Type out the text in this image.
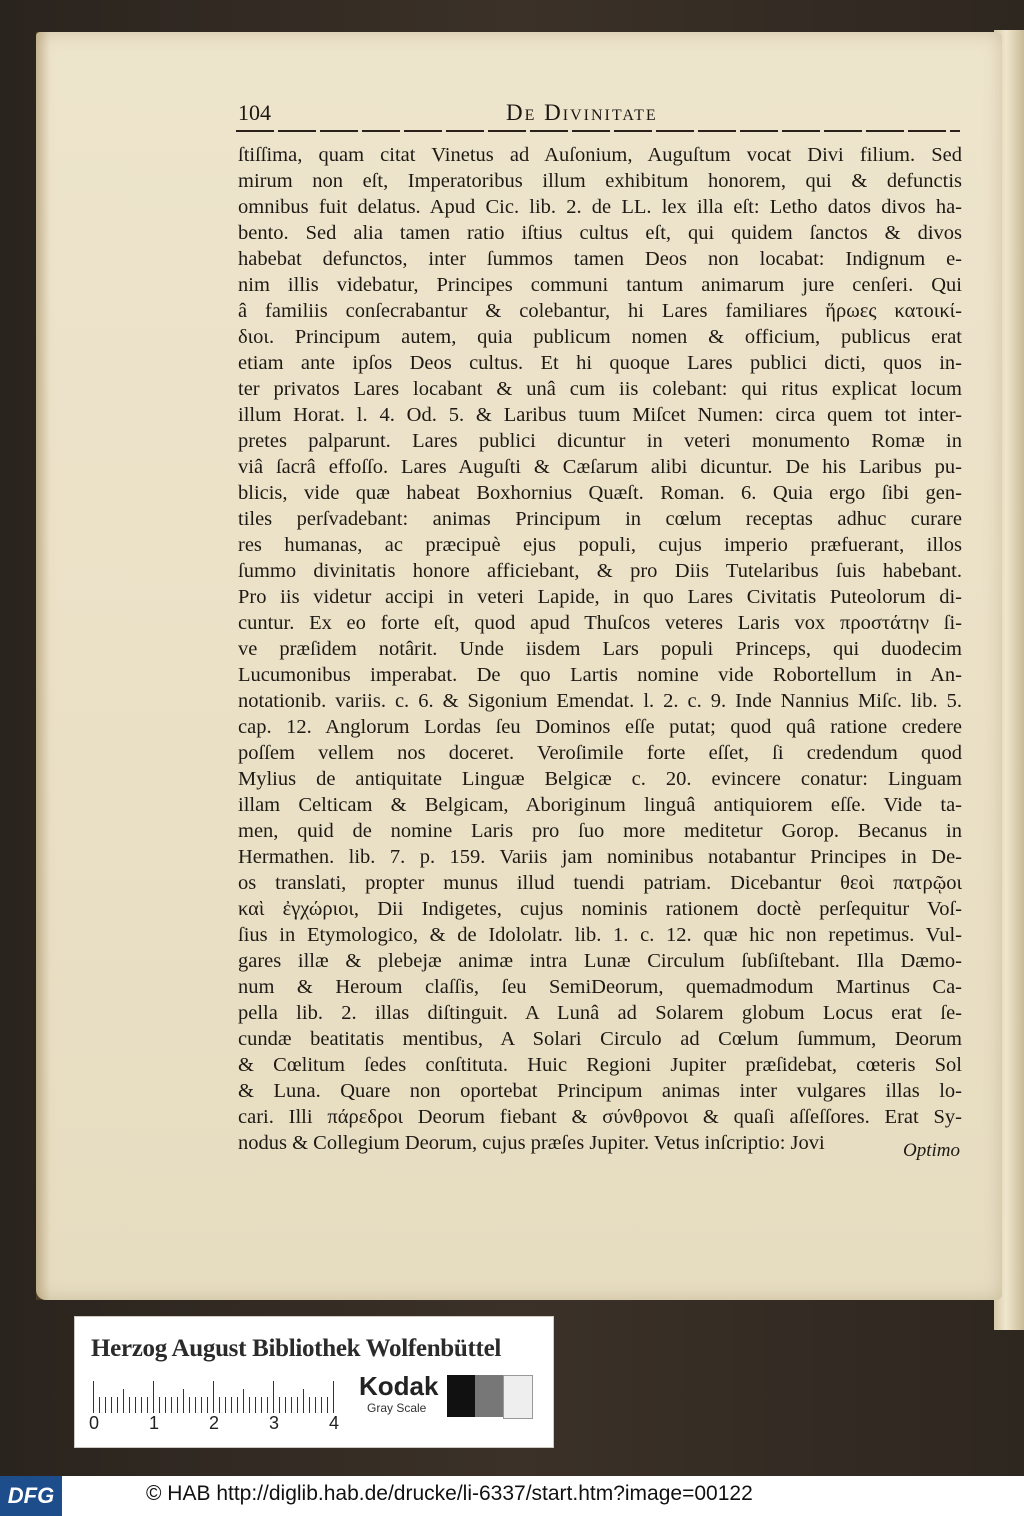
104	De Divinitate
ſtiſſima, quam citat Vinetus ad Auſonium, Auguſtum vocat Divi filium. Sed
mirum non eſt, Imperatoribus illum exhibitum honorem, qui & defunctis
omnibus fuit delatus. Apud Cic. lib. 2. de LL. lex illa eſt: Letho datos divos ha-
bento. Sed alia tamen ratio iſtius cultus eſt, qui quidem ſanctos & divos
habebat defunctos, inter ſummos tamen Deos non locabat: Indignum e-
nim illis videbatur, Principes communi tantum animarum jure cenſeri. Qui
â familiis conſecrabantur & colebantur, hi Lares familiares ἥρωες κατοικί-
διοι. Principum autem, quia publicum nomen & officium, publicus erat
etiam ante ipſos Deos cultus. Et hi quoque Lares publici dicti, quos in-
ter privatos Lares locabant & unâ cum iis colebant: qui ritus explicat locum
illum Horat. l. 4. Od. 5. & Laribus tuum Miſcet Numen: circa quem tot inter-
pretes palparunt. Lares publici dicuntur in veteri monumento Romæ in
viâ ſacrâ effoſſo. Lares Auguſti & Cæſarum alibi dicuntur. De his Laribus pu-
blicis, vide quæ habeat Boxhornius Quæſt. Roman. 6. Quia ergo ſibi gen-
tiles perſvadebant: animas Principum in cœlum receptas adhuc curare
res humanas, ac præcipuè ejus populi, cujus imperio præfuerant, illos
ſummo divinitatis honore afficiebant, & pro Diis Tutelaribus ſuis habebant.
Pro iis videtur accipi in veteri Lapide, in quo Lares Civitatis Puteolorum di-
cuntur. Ex eo forte eſt, quod apud Thuſcos veteres Laris vox προστάτην ſi-
ve præſidem notârit. Unde iisdem Lars populi Princeps, qui duodecim
Lucumonibus imperabat. De quo Lartis nomine vide Robortellum in An-
notationib. variis. c. 6. & Sigonium Emendat. l. 2. c. 9. Inde Nannius Miſc. lib. 5.
cap. 12. Anglorum Lordas ſeu Dominos eſſe putat; quod quâ ratione credere
poſſem vellem nos doceret. Veroſimile forte eſſet, ſi credendum quod
Mylius de antiquitate Linguæ Belgicæ c. 20. evincere conatur: Linguam
illam Celticam & Belgicam, Aboriginum linguâ antiquiorem eſſe. Vide ta-
men, quid de nomine Laris pro ſuo more meditetur Gorop. Becanus in
Hermathen. lib. 7. p. 159. Variis jam nominibus notabantur Principes in De-
os translati, propter munus illud tuendi patriam. Dicebantur θεοὶ πατρῷοι
καὶ ἐγχώριοι, Dii Indigetes, cujus nominis rationem doctè perſequitur Voſ-
ſius in Etymologico, & de Idololatr. lib. 1. c. 12. quæ hic non repetimus. Vul-
gares illæ & plebejæ animæ intra Lunæ Circulum ſubſiſtebant. Illa Dæmo-
num & Heroum claſſis, ſeu SemiDeorum, quemadmodum Martinus Ca-
pella lib. 2. illas diſtinguit. A Lunâ ad Solarem globum Locus erat ſe-
cundæ beatitatis mentibus, A Solari Circulo ad Cœlum ſummum, Deorum
& Cœlitum ſedes conſtituta. Huic Regioni Jupiter præſidebat, cœteris Sol
& Luna. Quare non oportebat Principum animas inter vulgares illas lo-
cari. Illi πάρεδροι Deorum fiebant & σύνθρονοι & quaſi aſſeſſores. Erat Sy-
nodus & Collegium Deorum, cujus præſes Jupiter. Vetus inſcriptio: Jovi	Optimo
Herzog August Bibliothek Wolfenbüttel
0	1	2	3	4
Kodak
Gray Scale
DFG	© HAB http://diglib.hab.de/drucke/li-6337/start.htm?image=00122
